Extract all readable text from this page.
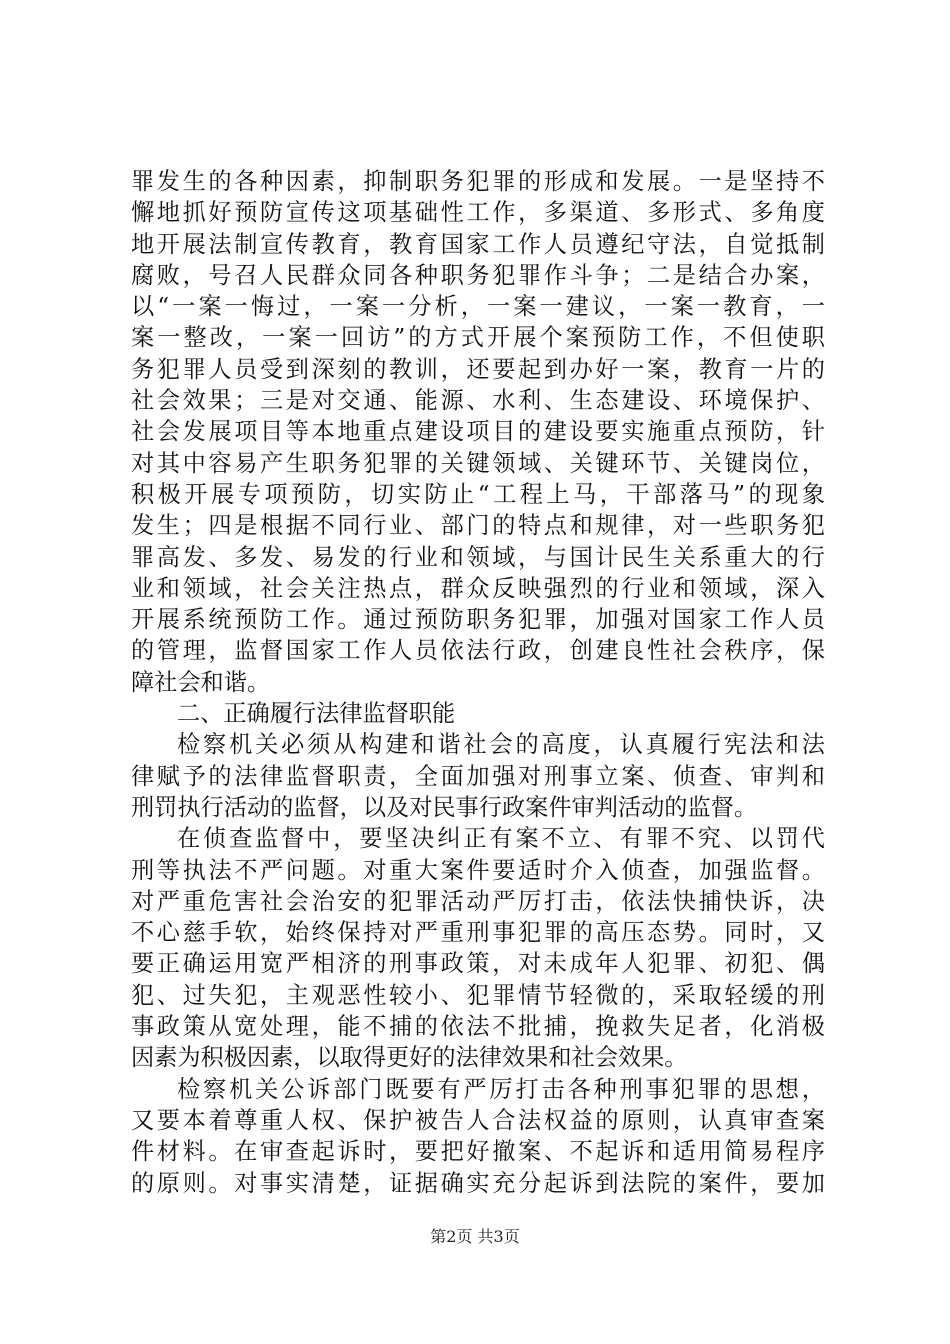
罪发生的各种因素，抑制职务犯罪的形成和发展。一是坚持不
懈地抓好预防宣传这项基础性工作，多渠道、多形式、多角度
地开展法制宣传教育，教育国家工作人员遵纪守法，自觉抵制
腐败，号召人民群众同各种职务犯罪作斗争；二是结合办案，
以“一案一悔过，一案一分析，一案一建议，一案一教育，一
案一整改，一案一回访”的方式开展个案预防工作，不但使职
务犯罪人员受到深刻的教训，还要起到办好一案，教育一片的
社会效果；三是对交通、能源、水利、生态建设、环境保护、
社会发展项目等本地重点建设项目的建设要实施重点预防，针
对其中容易产生职务犯罪的关键领域、关键环节、关键岗位，
积极开展专项预防，切实防止“工程上马，干部落马”的现象
发生；四是根据不同行业、部门的特点和规律，对一些职务犯
罪高发、多发、易发的行业和领域，与国计民生关系重大的行
业和领域，社会关注热点，群众反映强烈的行业和领域，深入
开展系统预防工作。通过预防职务犯罪，加强对国家工作人员
的管理，监督国家工作人员依法行政，创建良性社会秩序，保
障社会和谐。
二、正确履行法律监督职能
检察机关必须从构建和谐社会的高度，认真履行宪法和法
律赋予的法律监督职责，全面加强对刑事立案、侦查、审判和
刑罚执行活动的监督，以及对民事行政案件审判活动的监督。
在侦查监督中，要坚决纠正有案不立、有罪不究、以罚代
刑等执法不严问题。对重大案件要适时介入侦查，加强监督。
对严重危害社会治安的犯罪活动严厉打击，依法快捕快诉，决
不心慈手软，始终保持对严重刑事犯罪的高压态势。同时，又
要正确运用宽严相济的刑事政策，对未成年人犯罪、初犯、偶
犯、过失犯，主观恶性较小、犯罪情节轻微的，采取轻缓的刑
事政策从宽处理，能不捕的依法不批捕，挽救失足者，化消极
因素为积极因素，以取得更好的法律效果和社会效果。
检察机关公诉部门既要有严厉打击各种刑事犯罪的思想，
又要本着尊重人权、保护被告人合法权益的原则，认真审查案
件材料。在审查起诉时，要把好撤案、不起诉和适用简易程序
的原则。对事实清楚，证据确实充分起诉到法院的案件，要加
第2页 共3页
